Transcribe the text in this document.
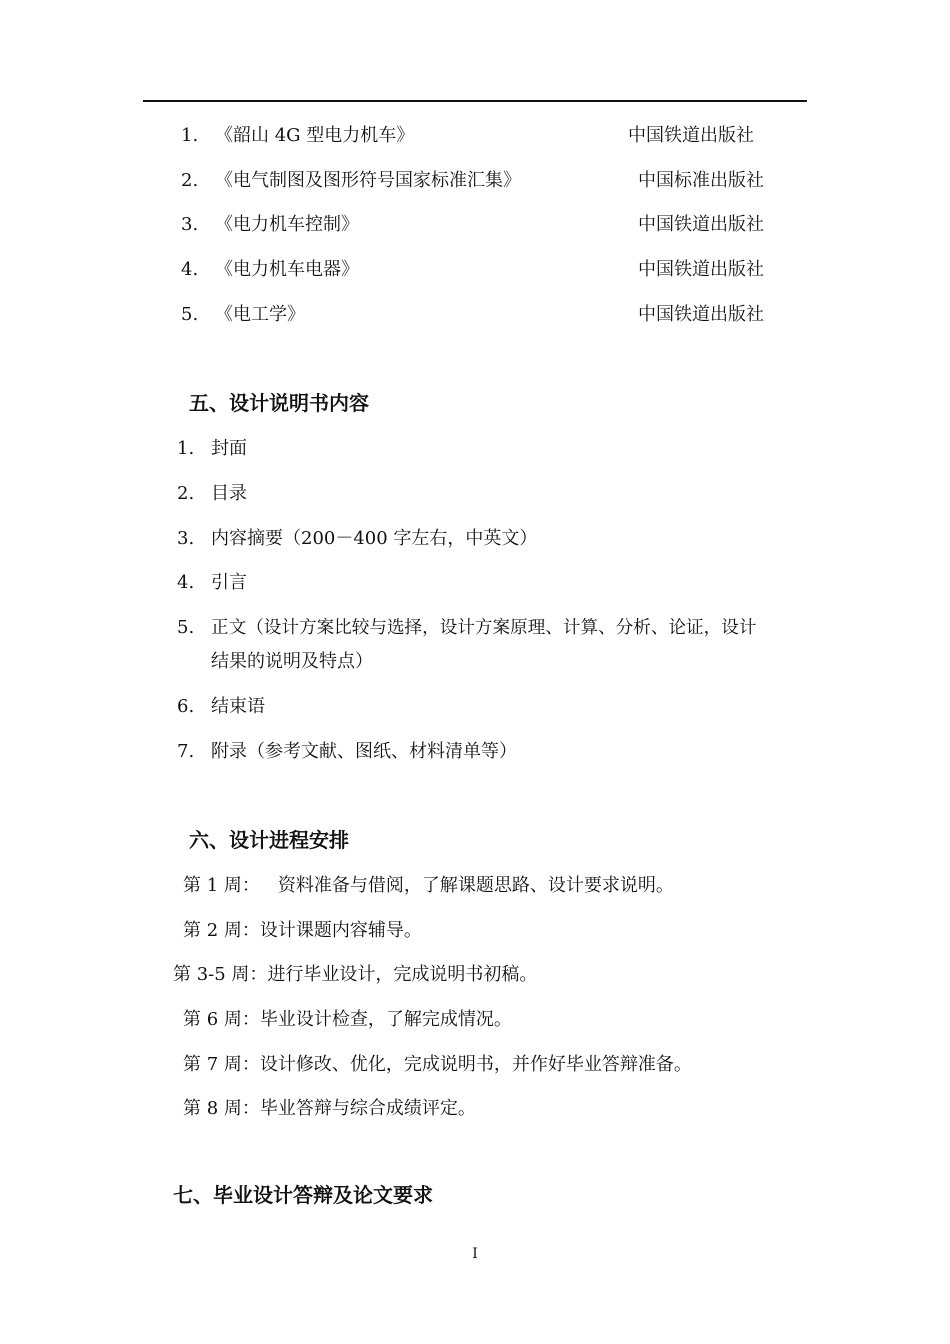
1. 《韶山 4G 型电力机车》	中国铁道出版社
2. 《电气制图及图形符号国家标准汇集》	中国标准出版社
3. 《电力机车控制》	中国铁道出版社
4. 《电力机车电器》	中国铁道出版社
5. 《电工学》	中国铁道出版社
五、设计说明书内容
1. 封面
2. 目录
3. 内容摘要（200－400 字左右，中英文）
4. 引言
5. 正文（设计方案比较与选择，设计方案原理、计算、分析、论证，设计
结果的说明及特点）
6. 结束语
7. 附录（参考文献、图纸、材料清单等）
六、设计进程安排
第 1 周： 资料准备与借阅，了解课题思路、设计要求说明。
第 2 周：设计课题内容辅导。
第 3-5 周：进行毕业设计，完成说明书初稿。
第 6 周：毕业设计检查，了解完成情况。
第 7 周：设计修改、优化，完成说明书，并作好毕业答辩准备。
第 8 周：毕业答辩与综合成绩评定。
七、毕业设计答辩及论文要求
I
